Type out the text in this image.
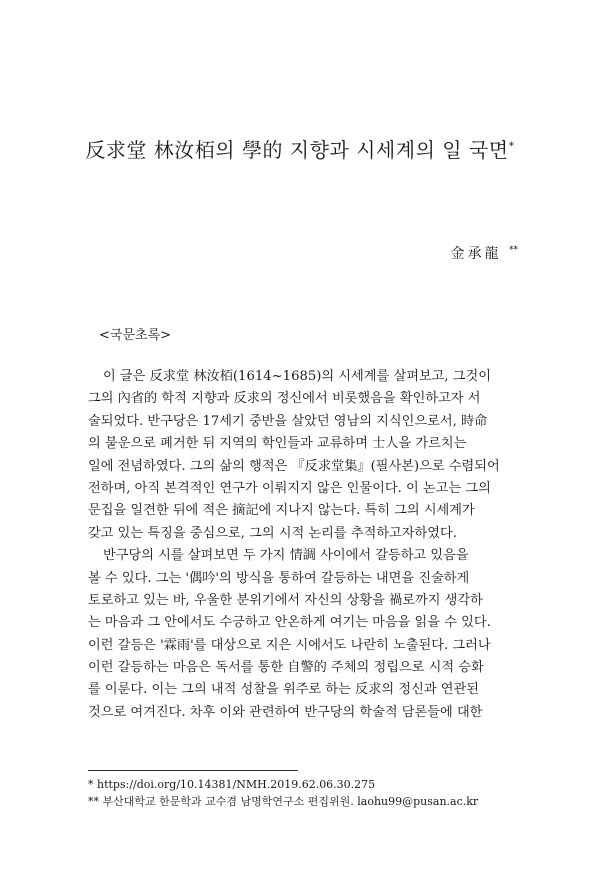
反求堂 林汝栢의 學的 지향과 시세계의 일 국면*
金承龍 **
<국문초록>
이 글은 反求堂 林汝栢(1614~1685)의 시세계를 살펴보고, 그것이
그의 內省的 학적 지향과 反求의 정신에서 비롯했음을 확인하고자 서
술되었다. 반구당은 17세기 중반을 살았던 영남의 지식인으로서, 時命
의 불운으로 폐거한 뒤 지역의 학인들과 교류하며 士人을 가르치는
일에 전념하였다. 그의 삶의 행적은 『反求堂集』(필사본)으로 수렴되어
전하며, 아직 본격적인 연구가 이뤄지지 않은 인물이다. 이 논고는 그의
문집을 일견한 뒤에 적은 摘記에 지나지 않는다. 특히 그의 시세계가
갖고 있는 특징을 중심으로, 그의 시적 논리를 추적하고자하였다.
반구당의 시를 살펴보면 두 가지 情調 사이에서 갈등하고 있음을
볼 수 있다. 그는 '偶吟'의 방식을 통하여 갈등하는 내면을 진술하게
토로하고 있는 바, 우울한 분위기에서 자신의 상황을 禍로까지 생각하
는 마음과 그 안에서도 수긍하고 안온하게 여기는 마음을 읽을 수 있다.
이런 갈등은 '霖雨'를 대상으로 지은 시에서도 나란히 노출된다. 그러나
이런 갈등하는 마음은 독서를 통한 自警的 주체의 정립으로 시적 승화
를 이룬다. 이는 그의 내적 성찰을 위주로 하는 反求의 정신과 연관된
것으로 여겨진다. 차후 이와 관련하여 반구당의 학술적 담론들에 대한
* https://doi.org/10.14381/NMH.2019.62.06.30.275
** 부산대학교 한문학과 교수겸 남명학연구소 편집위원. laohu99@pusan.ac.kr
